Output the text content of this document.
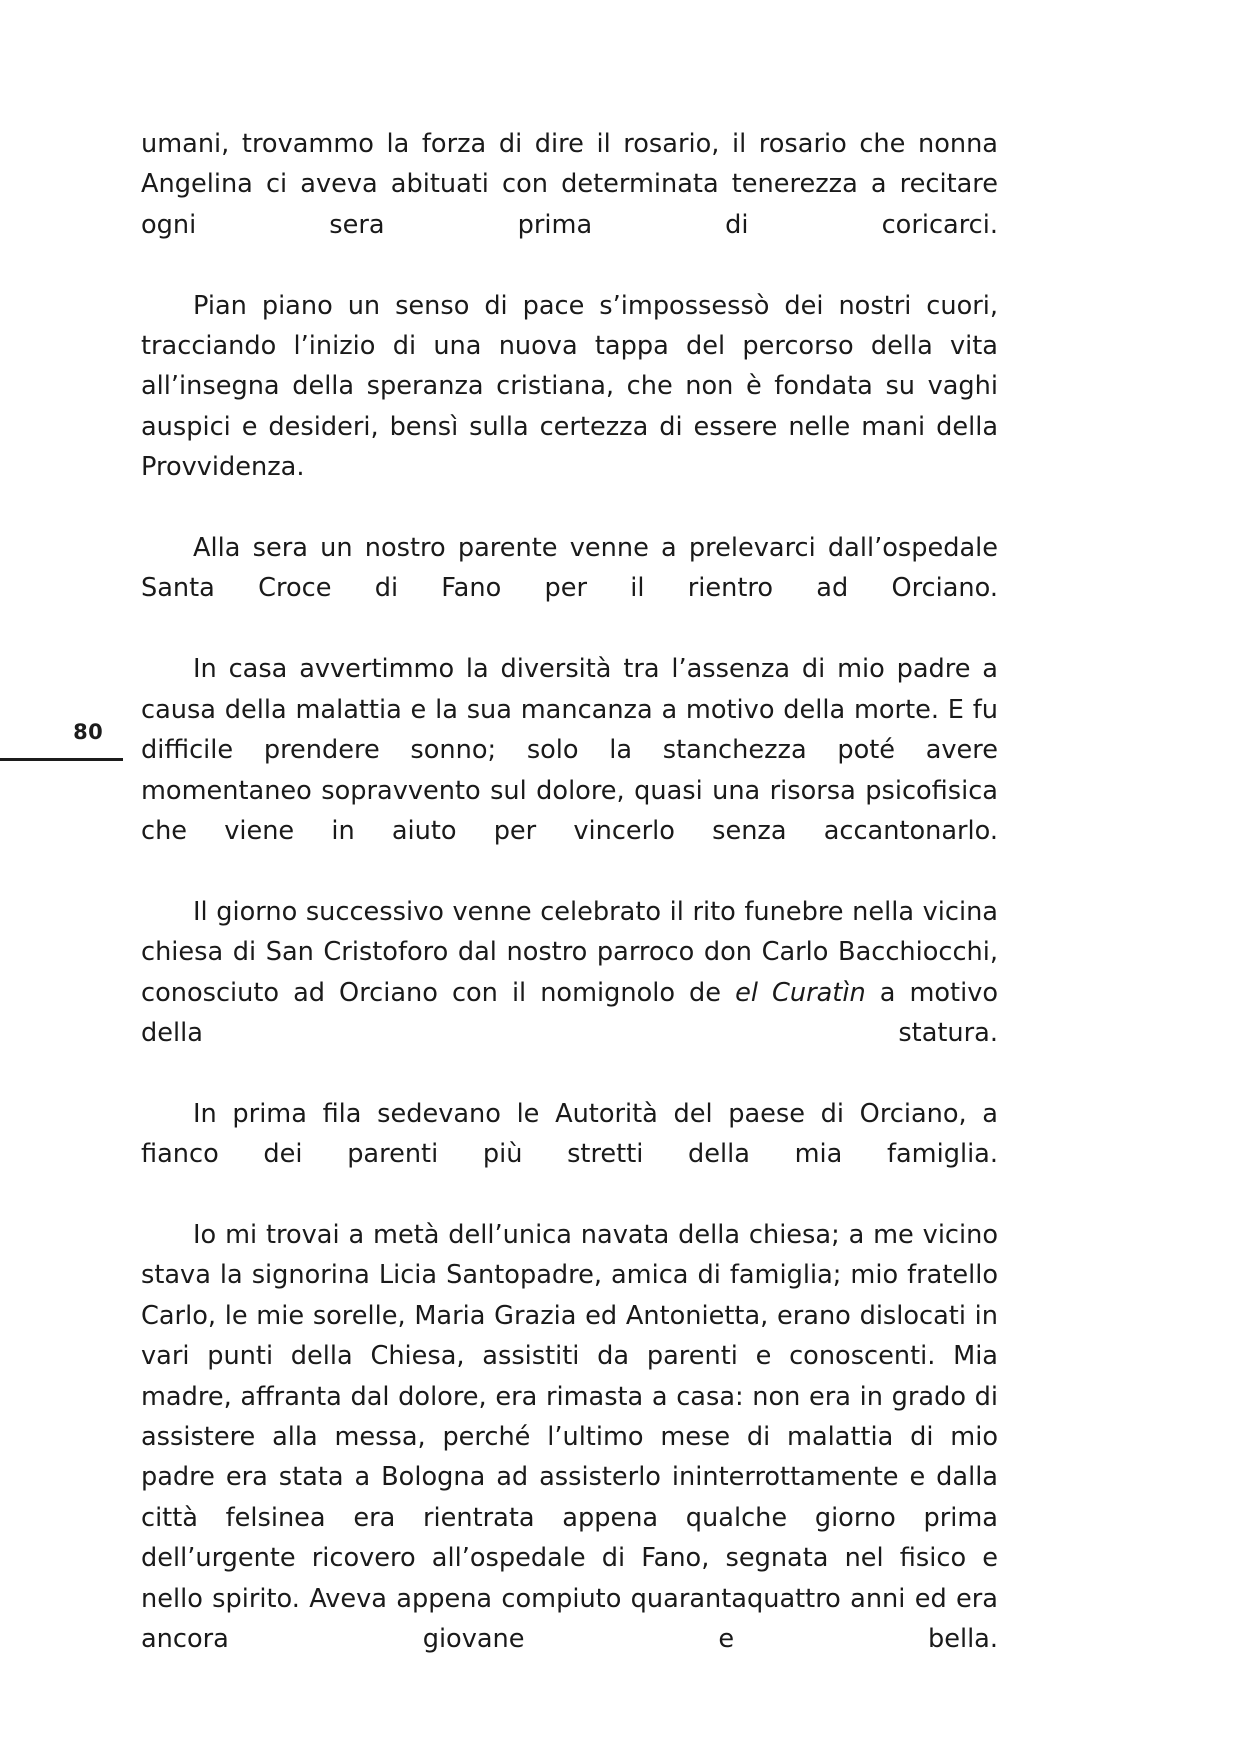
80

umani, trovammo la forza di dire il rosario, il rosario che nonna Angelina ci aveva abituati con determinata tenerezza a recitare ogni sera prima di coricarci.

Pian piano un senso di pace s’impossessò dei nostri cuori, tracciando l’inizio di una nuova tappa del percorso della vita all’insegna della speranza cristiana, che non è fondata su vaghi auspici e desideri, bensì sulla certezza di essere nelle mani della Provvidenza.

Alla sera un nostro parente venne a prelevarci dall’ospedale Santa Croce di Fano per il rientro ad Orciano.

In casa avvertimmo la diversità tra l’assenza di mio padre a causa della malattia e la sua mancanza a motivo della morte. E fu difficile prendere sonno; solo la stanchezza poté avere momentaneo sopravvento sul dolore, quasi una risorsa psicofisica che viene in aiuto per vincerlo senza accantonarlo.

Il giorno successivo venne celebrato il rito funebre nella vicina chiesa di San Cristoforo dal nostro parroco don Carlo Bacchiocchi, conosciuto ad Orciano con il nomignolo de el Curatìn a motivo della statura.

In prima fila sedevano le Autorità del paese di Orciano, a fianco dei parenti più stretti della mia famiglia.

Io mi trovai a metà dell’unica navata della chiesa; a me vicino stava la signorina Licia Santopadre, amica di famiglia; mio fratello Carlo, le mie sorelle, Maria Grazia ed Antonietta, erano dislocati in vari punti della Chiesa, assistiti da parenti e conoscenti. Mia madre, affranta dal dolore, era rimasta a casa: non era in grado di assistere alla messa, perché l’ultimo mese di malattia di mio padre era stata a Bologna ad assisterlo ininterrottamente e dalla città felsinea era rientrata appena qualche giorno prima dell’urgente ricovero all’ospedale di Fano, segnata nel fisico e nello spirito. Aveva appena compiuto quarantaquattro anni ed era ancora giovane e bella.
